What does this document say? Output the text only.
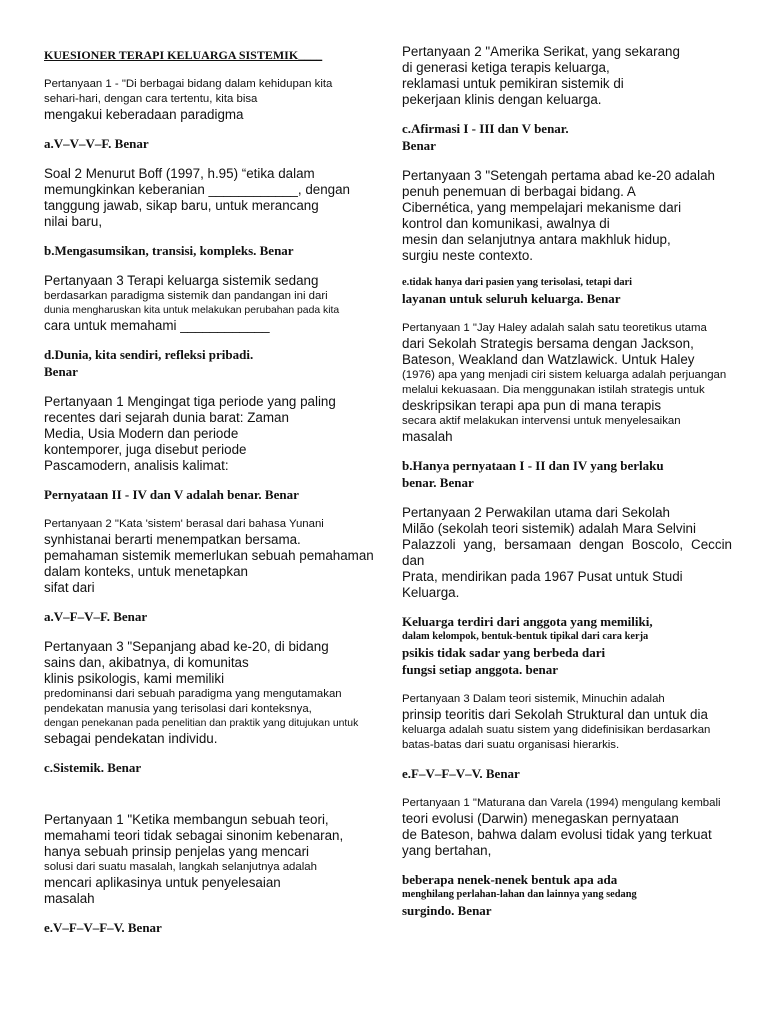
KUESIONER TERAPI KELUARGA SISTEMIK____
Pertanyaan 1 - "Di berbagai bidang dalam kehidupan kita
sehari-hari, dengan cara tertentu, kita bisa
mengakui keberadaan paradigma
a.V–V–V–F. Benar
Soal 2 Menurut Boff (1997, h.95) “etika dalam
memungkinkan keberanian ____________, dengan
tanggung jawab, sikap baru, untuk merancang
nilai baru,
b.Mengasumsikan, transisi, kompleks. Benar
Pertanyaan 3 Terapi keluarga sistemik sedang
berdasarkan paradigma sistemik dan pandangan ini dari
dunia mengharuskan kita untuk melakukan perubahan pada kita
cara untuk memahami ____________
d.Dunia, kita sendiri, refleksi pribadi.
Benar
Pertanyaan 1 Mengingat tiga periode yang paling
recentes dari sejarah dunia barat: Zaman
Media, Usia Modern dan periode
kontemporer, juga disebut periode
Pascamodern, analisis kalimat:
Pernyataan II - IV dan V adalah benar. Benar
Pertanyaan 2 "Kata 'sistem' berasal dari bahasa Yunani
synhistanai berarti menempatkan bersama.
pemahaman sistemik memerlukan sebuah pemahaman
dalam konteks, untuk menetapkan
sifat dari
a.V–F–V–F. Benar
Pertanyaan 3 "Sepanjang abad ke-20, di bidang
sains dan, akibatnya, di komunitas
klinis psikologis, kami memiliki
predominansi dari sebuah paradigma yang mengutamakan
pendekatan manusia yang terisolasi dari konteksnya,
dengan penekanan pada penelitian dan praktik yang ditujukan untuk
sebagai pendekatan individu.
c.Sistemik. Benar
Pertanyaan 1 "Ketika membangun sebuah teori,
memahami teori tidak sebagai sinonim kebenaran,
hanya sebuah prinsip penjelas yang mencari
solusi dari suatu masalah, langkah selanjutnya adalah
mencari aplikasinya untuk penyelesaian
masalah
e.V–F–V–F–V. Benar
Pertanyaan 2 "Amerika Serikat, yang sekarang
di generasi ketiga terapis keluarga,
reklamasi untuk pemikiran sistemik di
pekerjaan klinis dengan keluarga.
c.Afirmasi I - III dan V benar.
Benar
Pertanyaan 3 "Setengah pertama abad ke-20 adalah
penuh penemuan di berbagai bidang. A
Cibernética, yang mempelajari mekanisme dari
kontrol dan komunikasi, awalnya di
mesin dan selanjutnya antara makhluk hidup,
surgiu neste contexto.
e.tidak hanya dari pasien yang terisolasi, tetapi dari
layanan untuk seluruh keluarga. Benar
Pertanyaan 1 "Jay Haley adalah salah satu teoretikus utama
dari Sekolah Strategis bersama dengan Jackson,
Bateson, Weakland dan Watzlawick. Untuk Haley
(1976) apa yang menjadi ciri sistem keluarga adalah perjuangan
melalui kekuasaan. Dia menggunakan istilah strategis untuk
deskripsikan terapi apa pun di mana terapis
secara aktif melakukan intervensi untuk menyelesaikan
masalah
b.Hanya pernyataan I - II dan IV yang berlaku
benar. Benar
Pertanyaan 2 Perwakilan utama dari Sekolah
Milão (sekolah teori sistemik) adalah Mara Selvini
Palazzoli yang, bersamaan dengan Boscolo, Ceccin dan
Prata, mendirikan pada 1967 Pusat untuk Studi
Keluarga.
Keluarga terdiri dari anggota yang memiliki,
dalam kelompok, bentuk-bentuk tipikal dari cara kerja
psikis tidak sadar yang berbeda dari
fungsi setiap anggota. benar
Pertanyaan 3 Dalam teori sistemik, Minuchin adalah
prinsip teoritis dari Sekolah Struktural dan untuk dia
keluarga adalah suatu sistem yang didefinisikan berdasarkan
batas-batas dari suatu organisasi hierarkis.
e.F–V–F–V–V. Benar
Pertanyaan 1 "Maturana dan Varela (1994) mengulang kembali
teori evolusi (Darwin) menegaskan pernyataan
de Bateson, bahwa dalam evolusi tidak yang terkuat
yang bertahan,
beberapa nenek-nenek bentuk apa ada
menghilang perlahan-lahan dan lainnya yang sedang
surgindo. Benar
